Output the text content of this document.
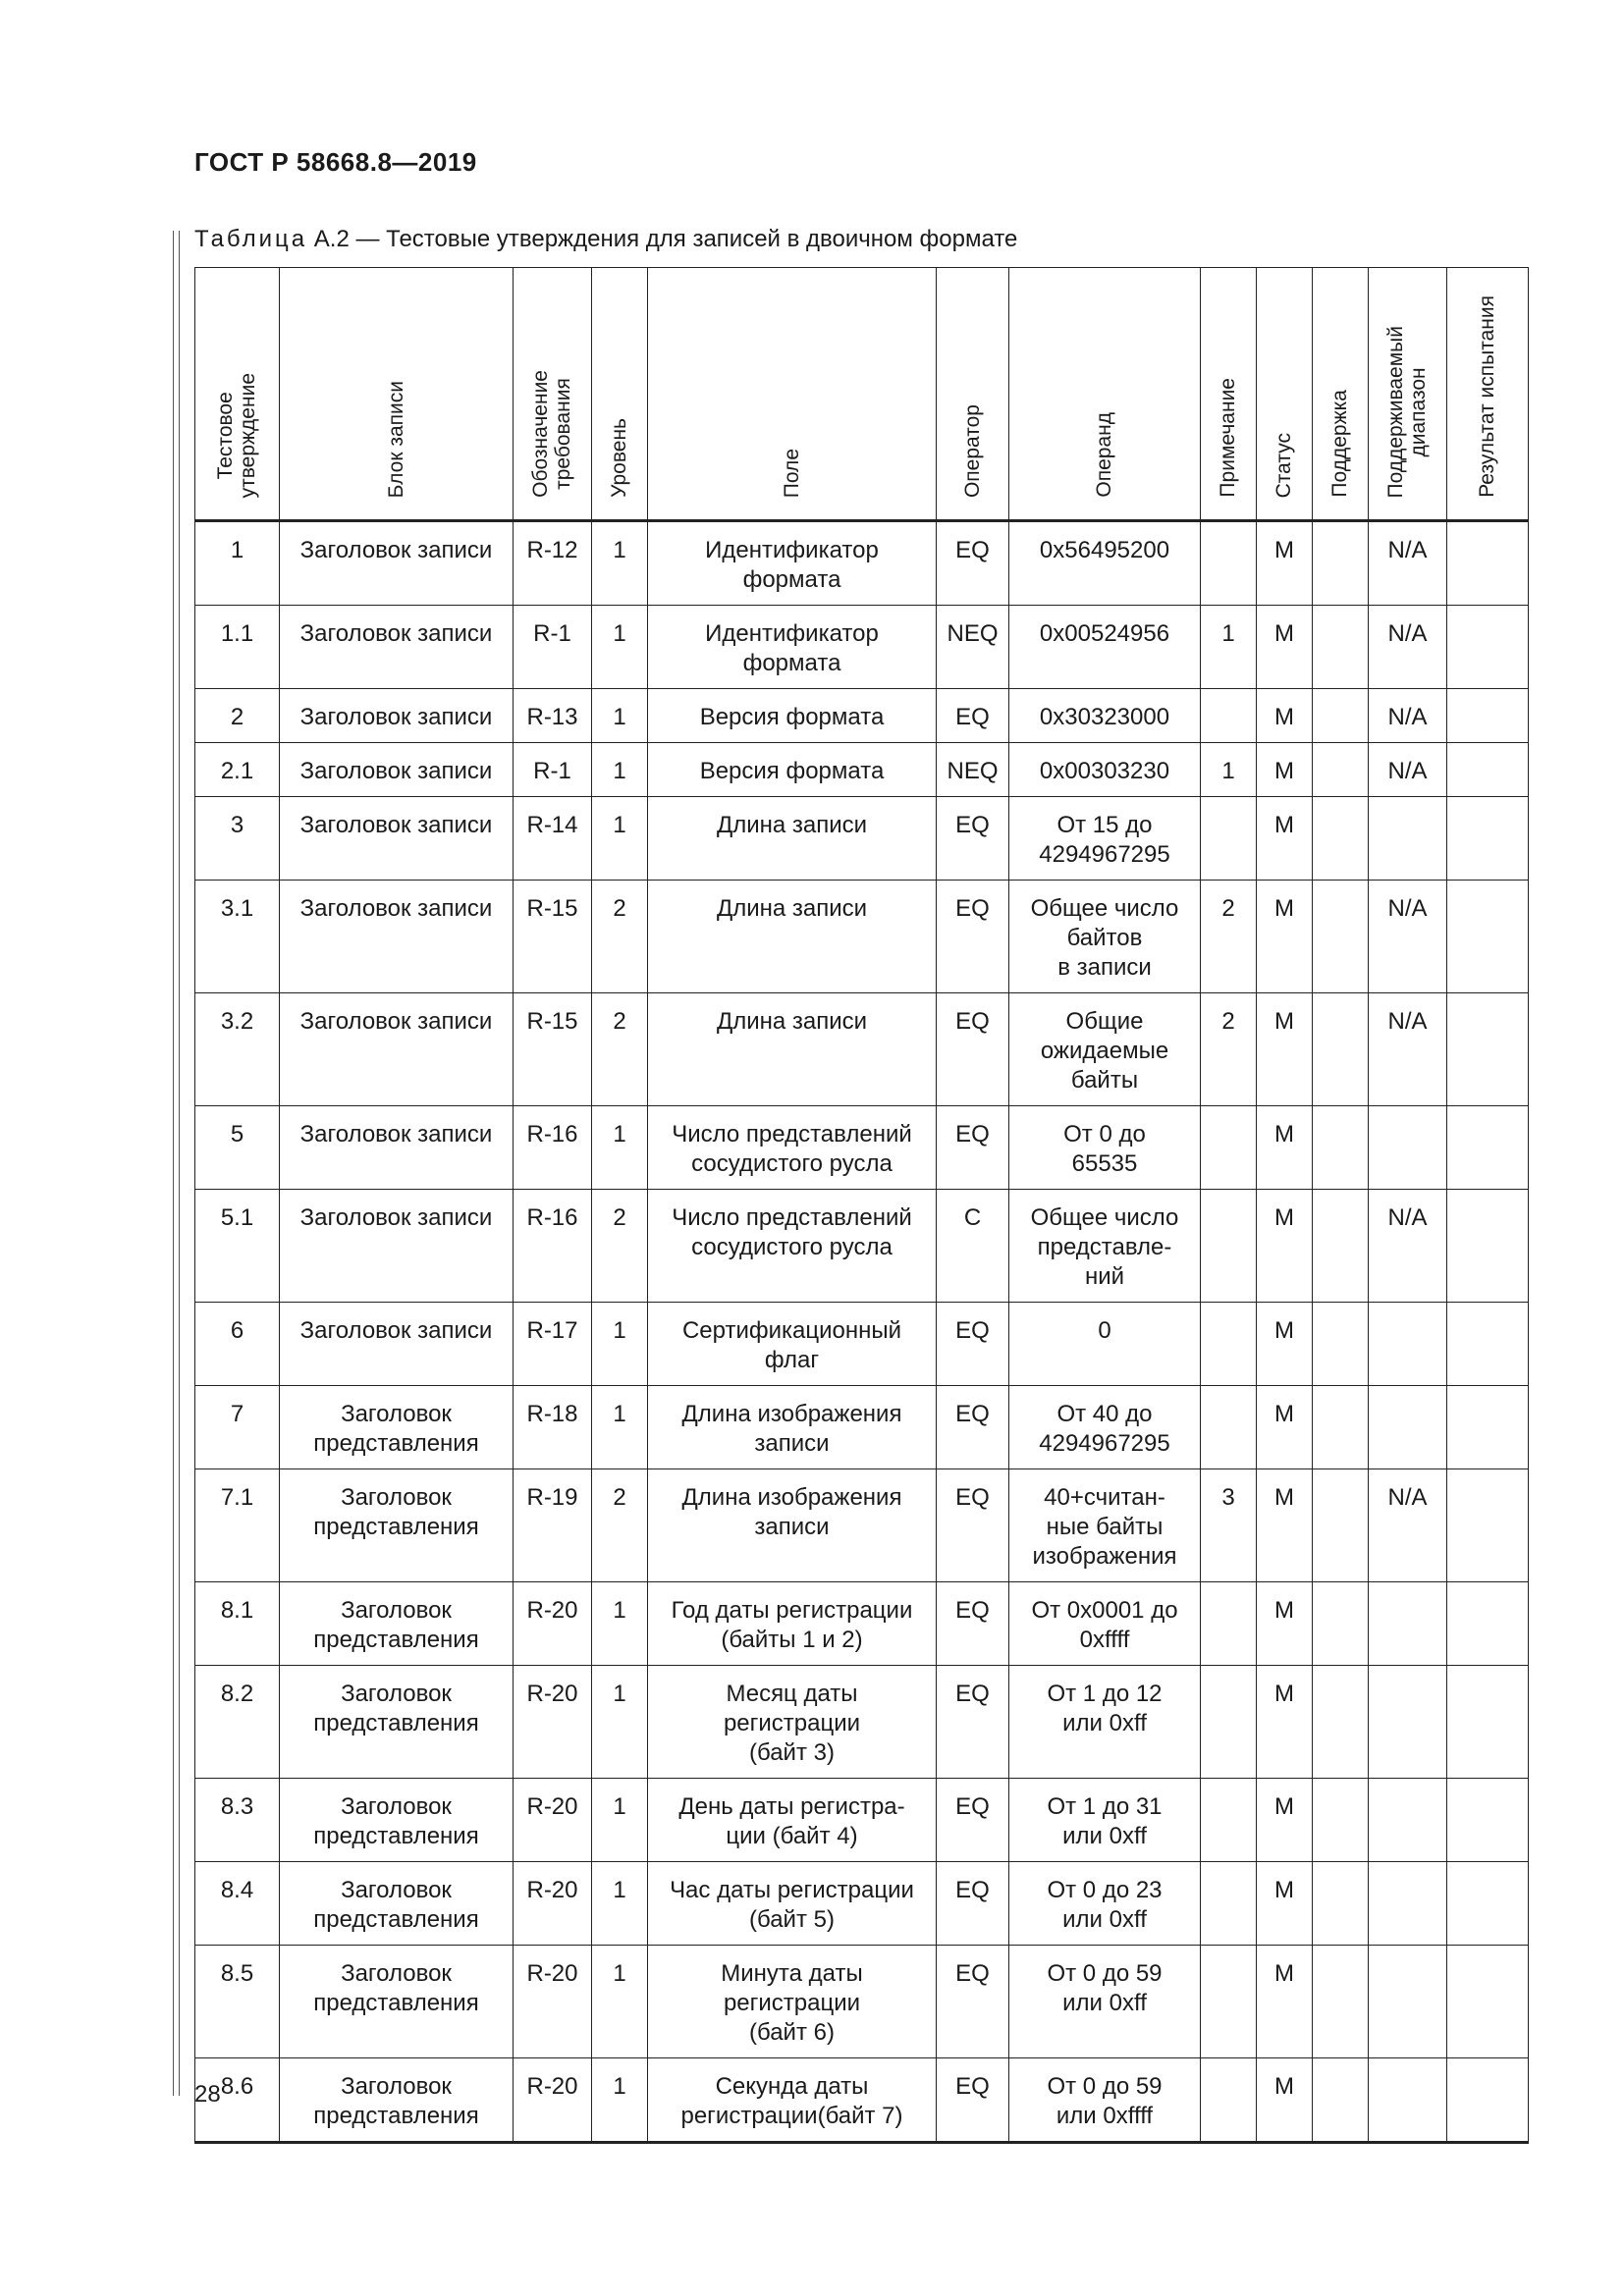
ГОСТ Р 58668.8—2019
Таблица А.2 — Тестовые утверждения для записей в двоичном формате
Тестовое
утверждение	Блок записи	Обозначение
требования	Уровень	Поле	Оператор	Операнд	Примечание	Статус	Поддержка	Поддерживаемый
диапазон	Результат испытания

1	Заголовок записи	R-12	1	Идентификатор
формата	EQ	0x56495200		M		N/A	
1.1	Заголовок записи	R-1	1	Идентификатор
формата	NEQ	0x00524956	1	M		N/A	
2	Заголовок записи	R-13	1	Версия формата	EQ	0x30323000		M		N/A	
2.1	Заголовок записи	R-1	1	Версия формата	NEQ	0x00303230	1	M		N/A	
3	Заголовок записи	R-14	1	Длина записи	EQ	От 15 до
4294967295		M			
3.1	Заголовок записи	R-15	2	Длина записи	EQ	Общее число
байтов
в записи	2	M		N/A	
3.2	Заголовок записи	R-15	2	Длина записи	EQ	Общие
ожидаемые
байты	2	M		N/A	
5	Заголовок записи	R-16	1	Число представлений
сосудистого русла	EQ	От 0 до
65535		M			
5.1	Заголовок записи	R-16	2	Число представлений
сосудистого русла	C	Общее число
представле-
ний		M		N/A	
6	Заголовок записи	R-17	1	Сертификационный
флаг	EQ	0		M			
7	Заголовок
представления	R-18	1	Длина изображения
записи	EQ	От 40 до
4294967295		M			
7.1	Заголовок
представления	R-19	2	Длина изображения
записи	EQ	40+считан-
ные байты
изображения	3	M		N/A	
8.1	Заголовок
представления	R-20	1	Год даты регистрации
(байты 1 и 2)	EQ	От 0x0001 до
0xffff		M			
8.2	Заголовок
представления	R-20	1	Месяц даты
регистрации
(байт 3)	EQ	От 1 до 12
или 0xff		M			
8.3	Заголовок
представления	R-20	1	День даты регистра-
ции (байт 4)	EQ	От 1 до 31
или 0xff		M			
8.4	Заголовок
представления	R-20	1	Час даты регистрации
(байт 5)	EQ	От 0 до 23
или 0xff		M			
8.5	Заголовок
представления	R-20	1	Минута даты
регистрации
(байт 6)	EQ	От 0 до 59
или 0xff		M			
8.6	Заголовок
представления	R-20	1	Секунда даты
регистрации(байт 7)	EQ	От 0 до 59
или 0xffff		M			
28
